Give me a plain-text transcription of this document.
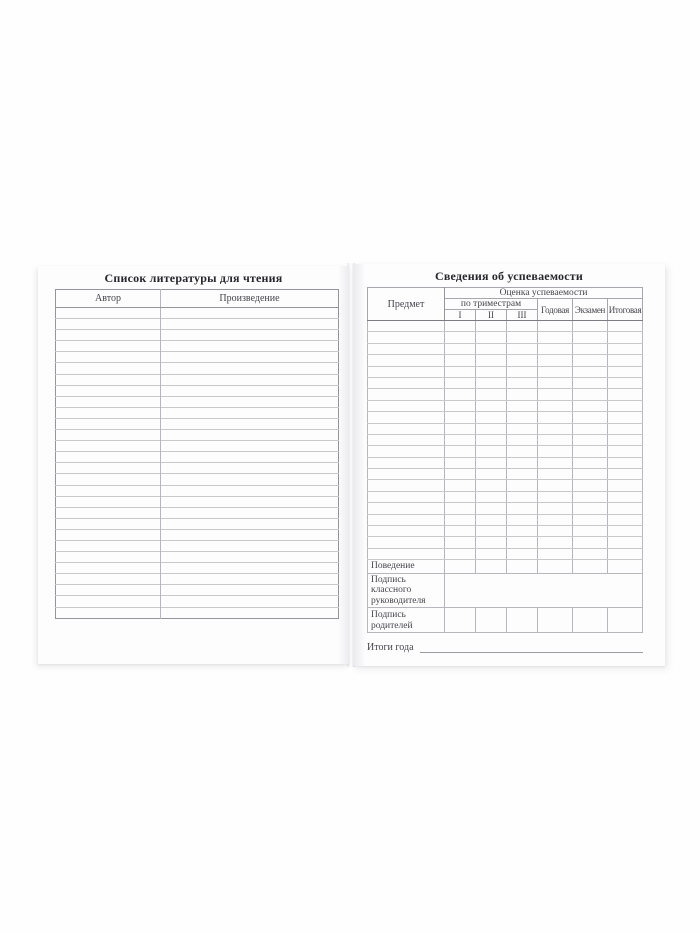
Список литературы для чтения
Автор	Произведение

Сведения об успеваемости
Предмет	Оценка успеваемости					
	по триместрам			Годовая	Экзамен	Итоговая
	I	II	III			

Поведение						
Подпись классного руководителя						
Подпись родителей						
Итоги года
